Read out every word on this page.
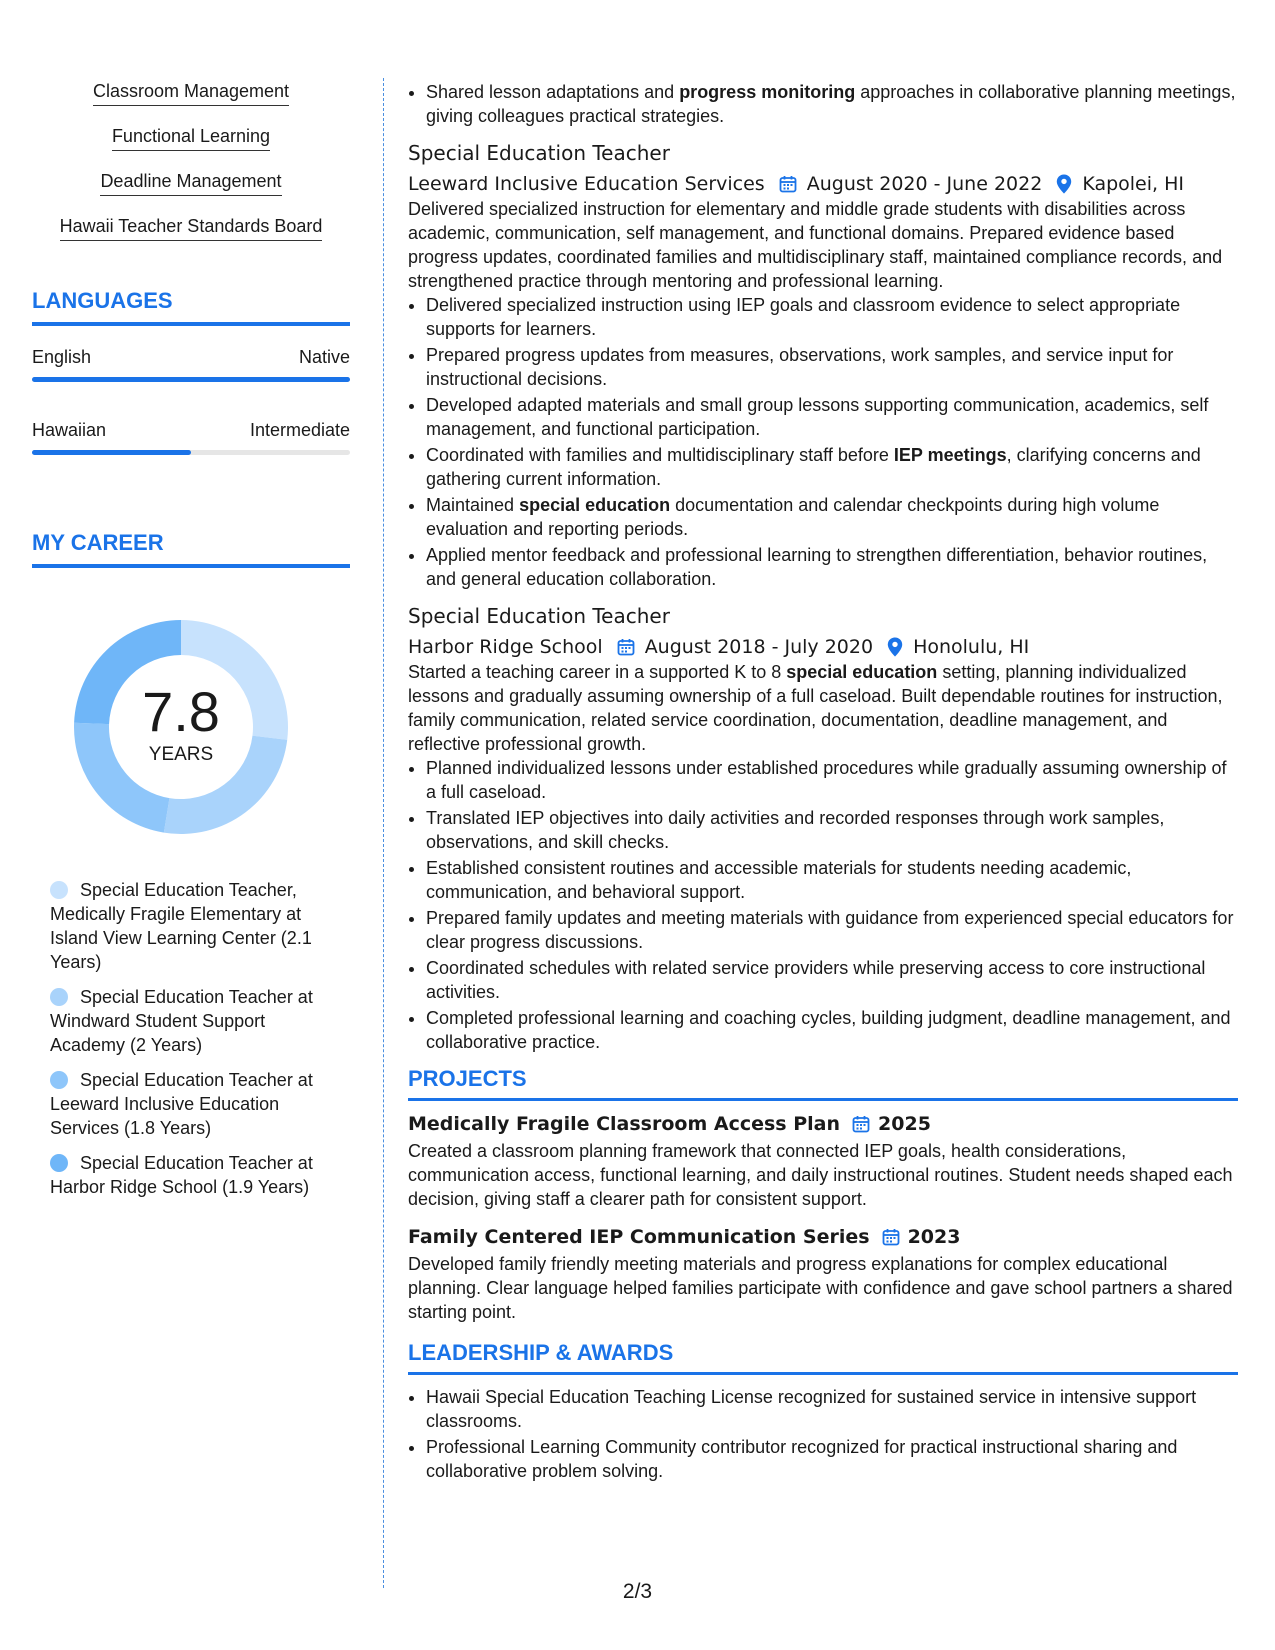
Classroom Management
Functional Learning
Deadline Management
Hawaii Teacher Standards Board
LANGUAGES
English	Native
Hawaiian	Intermediate
MY CAREER
7.8
YEARS
Special Education Teacher, Medically Fragile Elementary at Island View Learning Center (2.1 Years)
Special Education Teacher at Windward Student Support Academy (2 Years)
Special Education Teacher at Leeward Inclusive Education Services (1.8 Years)
Special Education Teacher at Harbor Ridge School (1.9 Years)
• Shared lesson adaptations and progress monitoring approaches in collaborative planning meetings, giving colleagues practical strategies.
Special Education Teacher
Leeward Inclusive Education Services August 2020 - June 2022 Kapolei, HI

Delivered specialized instruction for elementary and middle grade students with disabilities across academic, communication, self management, and functional domains. Prepared evidence based progress updates, coordinated families and multidisciplinary staff, maintained compliance records, and strengthened practice through mentoring and professional learning.

• Delivered specialized instruction using IEP goals and classroom evidence to select appropriate supports for learners.
• Prepared progress updates from measures, observations, work samples, and service input for instructional decisions.
• Developed adapted materials and small group lessons supporting communication, academics, self management, and functional participation.
• Coordinated with families and multidisciplinary staff before IEP meetings, clarifying concerns and gathering current information.
• Maintained special education documentation and calendar checkpoints during high volume evaluation and reporting periods.
• Applied mentor feedback and professional learning to strengthen differentiation, behavior routines, and general education collaboration.
Special Education Teacher
Harbor Ridge School August 2018 - July 2020 Honolulu, HI

Started a teaching career in a supported K to 8 special education setting, planning individualized lessons and gradually assuming ownership of a full caseload. Built dependable routines for instruction, family communication, related service coordination, documentation, deadline management, and reflective professional growth.

• Planned individualized lessons under established procedures while gradually assuming ownership of a full caseload.
• Translated IEP objectives into daily activities and recorded responses through work samples, observations, and skill checks.
• Established consistent routines and accessible materials for students needing academic, communication, and behavioral support.
• Prepared family updates and meeting materials with guidance from experienced special educators for clear progress discussions.
• Coordinated schedules with related service providers while preserving access to core instructional activities.
• Completed professional learning and coaching cycles, building judgment, deadline management, and collaborative practice.
PROJECTS
Medically Fragile Classroom Access Plan 2025

Created a classroom planning framework that connected IEP goals, health considerations, communication access, functional learning, and daily instructional routines. Student needs shaped each decision, giving staff a clearer path for consistent support.

Family Centered IEP Communication Series 2023

Developed family friendly meeting materials and progress explanations for complex educational planning. Clear language helped families participate with confidence and gave school partners a shared starting point.

LEADERSHIP & AWARDS
• Hawaii Special Education Teaching License recognized for sustained service in intensive support classrooms.
• Professional Learning Community contributor recognized for practical instructional sharing and collaborative problem solving.
2/3
